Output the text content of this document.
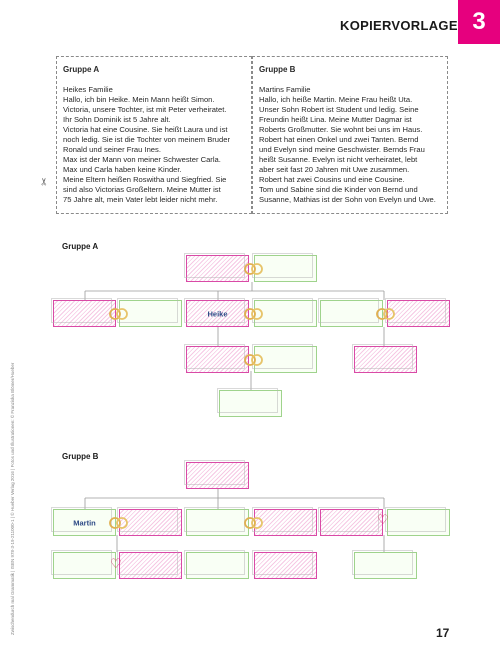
KOPIERVORLAGE 3
Gruppe A
Heikes Familie
Hallo, ich bin Heike. Mein Mann heißt Simon.
Victoria, unsere Tochter, ist mit Peter verheiratet.
Ihr Sohn Dominik ist 5 Jahre alt.
Victoria hat eine Cousine. Sie heißt Laura und ist
noch ledig. Sie ist die Tochter von meinem Bruder
Ronald und seiner Frau Ines.
Max ist der Mann von meiner Schwester Carla.
Max und Carla haben keine Kinder.
Meine Eltern heißen Roswitha und Siegfried. Sie
sind also Victorias Großeltern. Meine Mutter ist
75 Jahre alt, mein Vater lebt leider nicht mehr.
Gruppe B
Martins Familie
Hallo, ich heiße Martin. Meine Frau heißt Uta.
Unser Sohn Robert ist Student und ledig. Seine
Freundin heißt Lina. Meine Mutter Dagmar ist
Roberts Großmutter. Sie wohnt bei uns im Haus.
Robert hat einen Onkel und zwei Tanten. Bernd
und Evelyn sind meine Geschwister. Bernds Frau
heißt Susanne. Evelyn ist nicht verheiratet, lebt
aber seit fast 20 Jahren mit Uwe zusammen.
Robert hat zwei Cousins und eine Cousine.
Tom und Sabine sind die Kinder von Bernd und
Susanne, Mathias ist der Sohn von Evelyn und Uwe.
✂
Zwischendurch mal Grammatik | ISBN 978-3-19-211000-1 | © Hueber Verlag 2016 | Fotos und Illustrationen: © Franziska Blömer/Hueber
Gruppe A
Gruppe B
Heike
Martin	♡
♡
17
